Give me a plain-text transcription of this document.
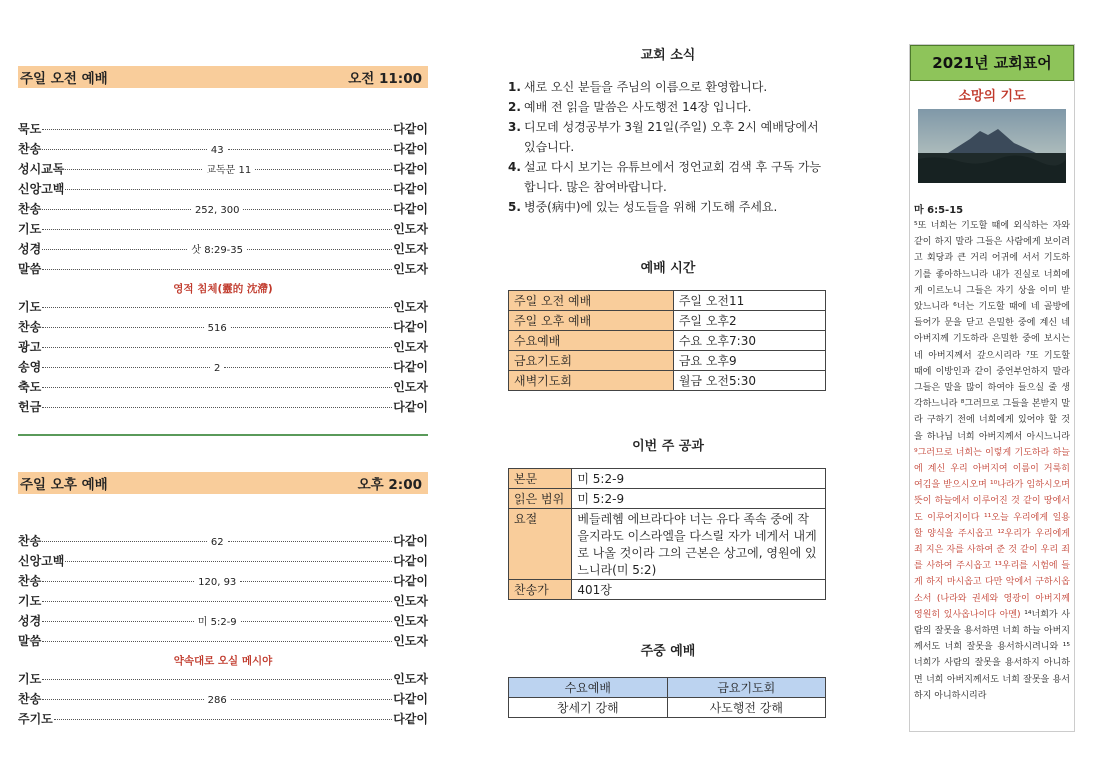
주일 오전 예배	오전 11:00
묵도	다같이
찬송	43	다같이
성시교독	교독문 11	다같이
신앙고백	다같이
찬송	252, 300	다같이
기도	인도자
성경	삿 8:29-35	인도자
말씀	인도자
영적 침체(靈的 沈滯)
기도	인도자
찬송	516	다같이
광고	인도자
송영	2	다같이
축도	인도자
헌금	다같이
주일 오후 예배	오후 2:00
찬송	62	다같이
신앙고백	다같이
찬송	120, 93	다같이
기도	인도자
성경	미 5:2-9	인도자
말씀	인도자
약속대로 오실 메시야
기도	인도자
찬송	286	다같이
주기도	다같이
교회 소식
1. 새로 오신 분들을 주님의 이름으로 환영합니다.
2. 예배 전 읽을 말씀은 사도행전 14장 입니다.
3. 디모데 성경공부가 3월 21일(주일) 오후 2시 예배당에서 있습니다.
4. 설교 다시 보기는 유튜브에서 정언교회 검색 후 구독 가능합니다. 많은 참여바랍니다.
5. 병중(病中)에 있는 성도들을 위해 기도해 주세요.
예배 시간
주일 오전 예배	주일 오전11
주일 오후 예배	주일 오후2
수요예배	수요 오후7:30
금요기도회	금요 오후9
새벽기도회	월금 오전5:30
이번 주 공과
본문	미 5:2-9
읽은 범위	미 5:2-9
요절	베들레헴 에브라다야 너는 유다 족속 중에 작을지라도 이스라엘을 다스릴 자가 네게서 내게로 나올 것이라 그의 근본은 상고에, 영원에 있느니라(미 5:2)
찬송가	401장
주중 예배
수요예배	금요기도회
창세기 강해	사도행전 강해
2021년 교회표어
소망의 기도
마 6:5-15
⁵또 너희는 기도할 때에 외식하는 자와 같이 하지 말라 그들은 사람에게 보이려고 회당과 큰 거리 어귀에 서서 기도하기를 좋아하느니라 내가 진실로 너희에게 이르노니 그들은 자기 상을 이미 받았느니라 ⁶너는 기도할 때에 네 골방에 들어가 문을 닫고 은밀한 중에 계신 네 아버지께 기도하라 은밀한 중에 보시는 네 아버지께서 갚으시리라 ⁷또 기도할 때에 이방인과 같이 중언부언하지 말라 그들은 말을 많이 하여야 들으실 줄 생각하느니라 ⁸그러므로 그들을 본받지 말라 구하기 전에 너희에게 있어야 할 것을 하나님 너희 아버지께서 아시느니라 ⁹그러므로 너희는 이렇게 기도하라 하늘에 계신 우리 아버지여 이름이 거룩히 여김을 받으시오며 ¹⁰나라가 임하시오며 뜻이 하늘에서 이루어진 것 같이 땅에서도 이루어지이다 ¹¹오늘 우리에게 일용할 양식을 주시옵고 ¹²우리가 우리에게 죄 지은 자를 사하여 준 것 같이 우리 죄를 사하여 주시옵고 ¹³우리를 시험에 들게 하지 마시옵고 다만 악에서 구하시옵소서 (나라와 권세와 영광이 아버지께 영원히 있사옵나이다 아멘) ¹⁴너희가 사람의 잘못을 용서하면 너희 하늘 아버지께서도 너희 잘못을 용서하시려니와 ¹⁵너희가 사람의 잘못을 용서하지 아니하면 너희 아버지께서도 너희 잘못을 용서하지 아니하시리라
